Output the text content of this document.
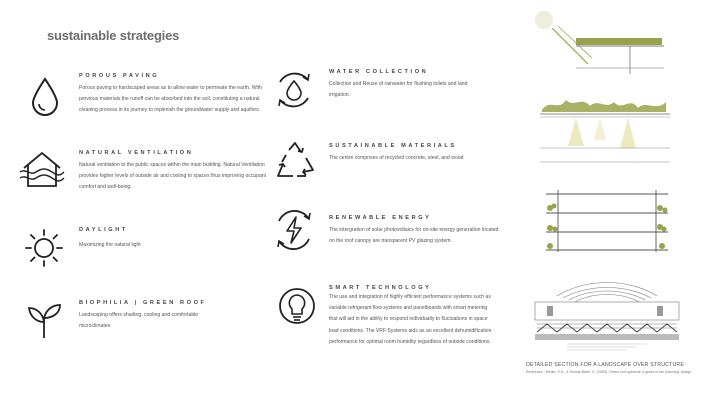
sustainable strategies
POROUS PAVING
Porous paving to hardscaped areas as to allow water to permeate the earth. With pervious materials the runoff can be absorbed into the soil, constituting a natural cleaning process in its journey to replenish the groundwater supply and aquifers.
NATURAL VENTILATION
Natural ventilation to the public spaces within the main building. Natural Ventilation provides higher levels of outside air and cooling to spaces thus improving occupant comfort and well-being.
DAYLIGHT
Maximizing the natural light
BIOPHILIA | GREEN ROOF
Landscaping offers shading, cooling and comfortable microclimates
WATER COLLECTION
Collection and Reuse of rainwater for flushing toilets and land irrigation.
SUSTAINABLE MATERIALS
The centre comprises of recycled concrete, steel, and wood
RENEWABLE ENERGY
The intergration of solar photovoltaics for on-site energy generation located on the roof canopy are transparent PV glazing system.
SMART TECHNOLOGY
The use and integration of highly efficient performance systems such as variable refrigerant flow systems and panelboards with smart metering that will aid in the ability to respond individually to fluctuations in space load conditions. The VRF Systems aids as an excellent dehumidification performance for optimal room humidity regardless of outside conditions.
DETAILED SECTION FOR A LANDSCAPE OVER STRUCTURE
Reference : Weiler, S.K., & Scholz-Barth, K. (2009). Green roof systems: a guide to the planning, design
